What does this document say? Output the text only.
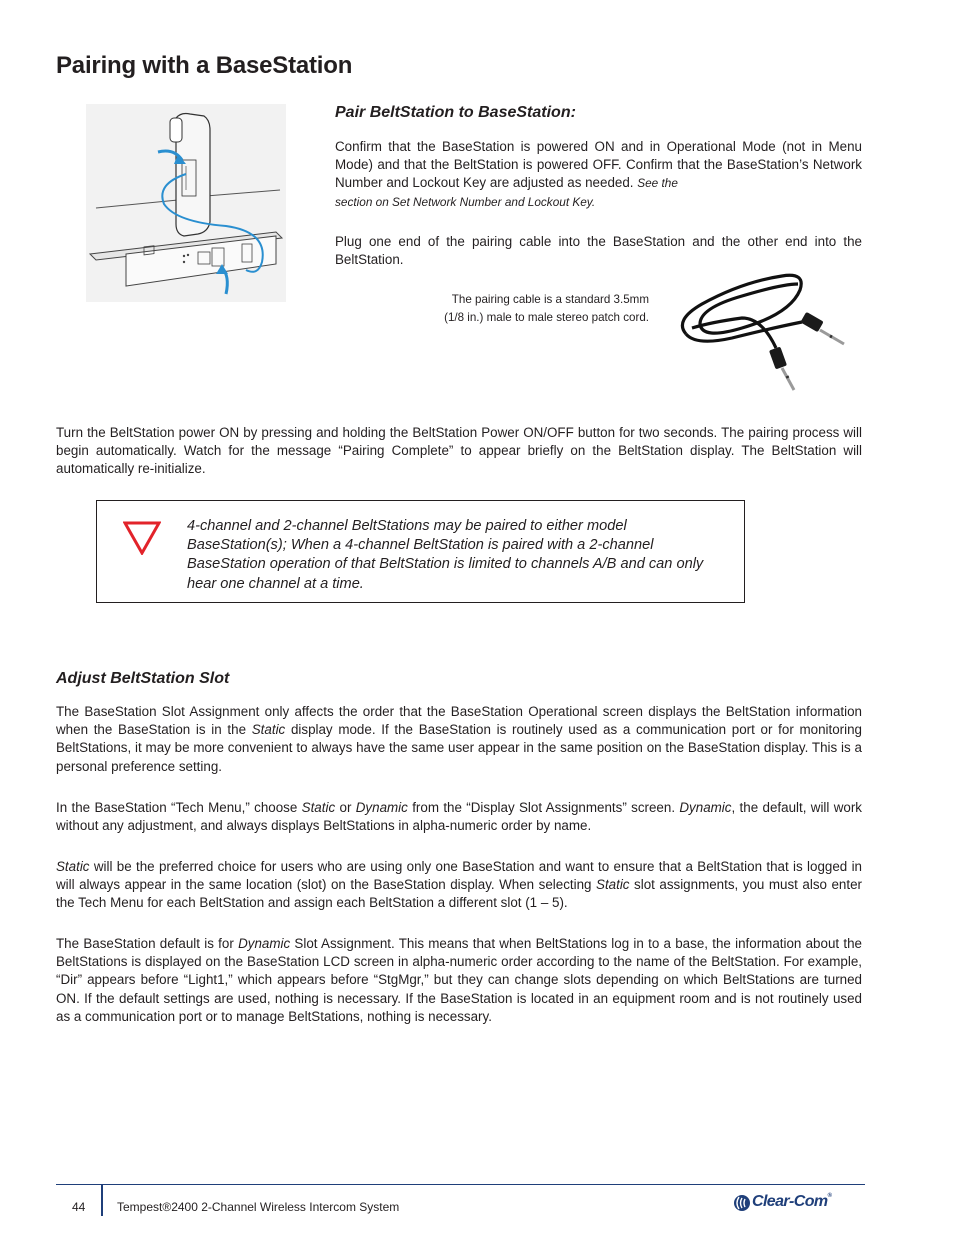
Pairing with a BaseStation
Pair BeltStation to BaseStation:

Confirm that the BaseStation is powered ON and in Operational Mode (not in Menu Mode) and that the BeltStation is powered OFF. Confirm that the BaseStation’s Network Number and Lockout Key are adjusted as needed. See the
section on Set Network Number and Lockout Key.

Plug one end of the pairing cable into the BaseStation and the other end into the BeltStation.

The pairing cable is a standard 3.5mm
(1/8 in.) male to male stereo patch cord.

Turn the BeltStation power ON by pressing and holding the BeltStation Power ON/OFF button for two seconds. The pairing process will begin automatically. Watch for the message “Pairing Complete” to appear briefly on the BeltStation display. The BeltStation will automatically re-initialize.

4-channel and 2-channel BeltStations may be paired to either model BaseStation(s); When a 4-channel BeltStation is paired with a 2-channel BaseStation operation of that BeltStation is limited to channels A/B and can only hear one channel at a time.
Adjust BeltStation Slot

The BaseStation Slot Assignment only affects the order that the BaseStation Operational screen displays the BeltStation information when the BaseStation is in the Static display mode. If the BaseStation is routinely used as a communication port or for monitoring BeltStations, it may be more convenient to always have the same user appear in the same position on the BaseStation display. This is a personal preference setting.

In the BaseStation “Tech Menu,” choose Static or Dynamic from the “Display Slot Assignments” screen. Dynamic, the default, will work without any adjustment, and always displays BeltStations in alpha-numeric order by name.

Static will be the preferred choice for users who are using only one BaseStation and want to ensure that a BeltStation that is logged in will always appear in the same location (slot) on the BaseStation display. When selecting Static slot assignments, you must also enter the Tech Menu for each BeltStation and assign each BeltStation a different slot (1 – 5).

The BaseStation default is for Dynamic Slot Assignment. This means that when BeltStations log in to a base, the information about the BeltStations is displayed on the BaseStation LCD screen in alpha-numeric order according to the name of the BeltStation. For example, “Dir” appears before “Light1,” which appears before “StgMgr,” but they can change slots depending on which BeltStations are turned ON. If the default settings are used, nothing is necessary. If the BaseStation is located in an equipment room and is not routinely used as a communication port or to manage BeltStations, nothing is necessary.

44	Tempest®2400 2-Channel Wireless Intercom System	Clear-Com®
